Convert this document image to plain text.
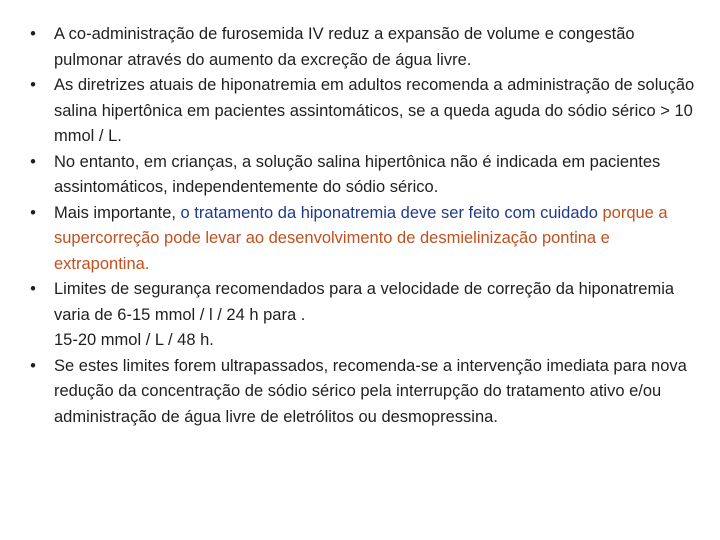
• A co-administração de furosemida IV reduz a expansão de volume e congestão pulmonar através do aumento da excreção de água livre.
• As diretrizes atuais de hiponatremia em adultos recomenda a administração de solução salina hipertônica em pacientes assintomáticos, se a queda aguda do sódio sérico > 10 mmol / L.
• No entanto, em crianças, a solução salina hipertônica não é indicada em pacientes assintomáticos, independentemente do sódio sérico.
• Mais importante, o tratamento da hiponatremia deve ser feito com cuidado porque a supercorreção pode levar ao desenvolvimento de desmielinização pontina e extrapontina.
• Limites de segurança recomendados para a velocidade de correção da hiponatremia varia de 6-15 mmol / l / 24 h para .
15-20 mmol / L / 48 h.
• Se estes limites forem ultrapassados, recomenda-se a intervenção imediata para nova redução da concentração de sódio sérico pela interrupção do tratamento ativo e/ou administração de água livre de eletrólitos ou desmopressina.
